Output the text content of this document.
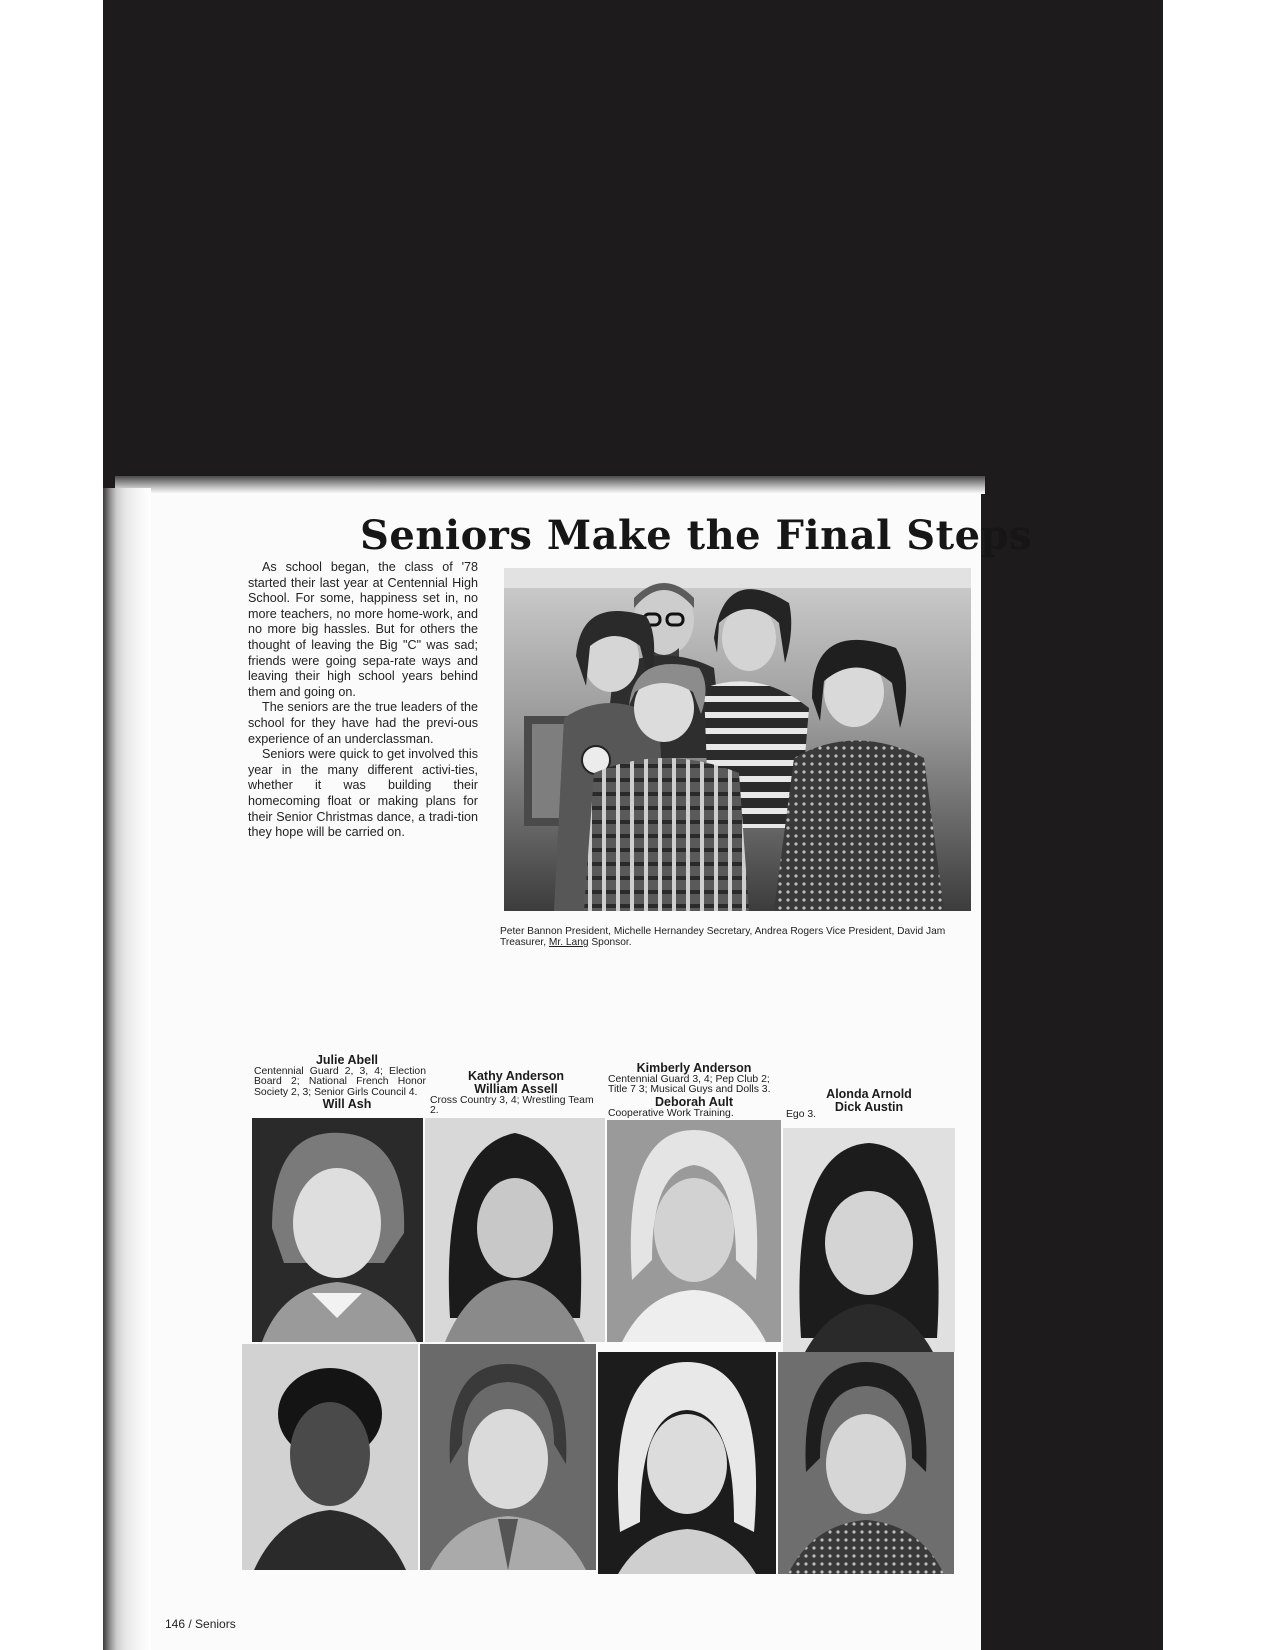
Seniors Make the Final Steps

As school began, the class of '78 started their last year at Centennial High School. For some, happiness set in, no more teachers, no more home-work, and no more big hassles. But for others the thought of leaving the Big "C" was sad; friends were going sepa-rate ways and leaving their high school years behind them and going on.

The seniors are the true leaders of the school for they have had the previ-ous experience of an underclassman.

Seniors were quick to get involved this year in the many different activi-ties, whether it was building their homecoming float or making plans for their Senior Christmas dance, a tradi-tion they hope will be carried on.

Peter Bannon President, Michelle Hernandey Secretary, Andrea Rogers Vice President, David Jam
Treasurer, Mr. Lang Sponsor.
Julie Abell
Centennial Guard 2, 3, 4; Election Board 2; National French Honor Society 2, 3; Senior Girls Council 4.
Will Ash
Kathy Anderson
William Assell
Cross Country 3, 4; Wrestling Team 2.
Kimberly Anderson
Centennial Guard 3, 4; Pep Club 2; Title 7 3; Musical Guys and Dolls 3.
Deborah Ault
Cooperative Work Training.	Ego 3.
Alonda Arnold
Dick Austin
146 / Seniors
